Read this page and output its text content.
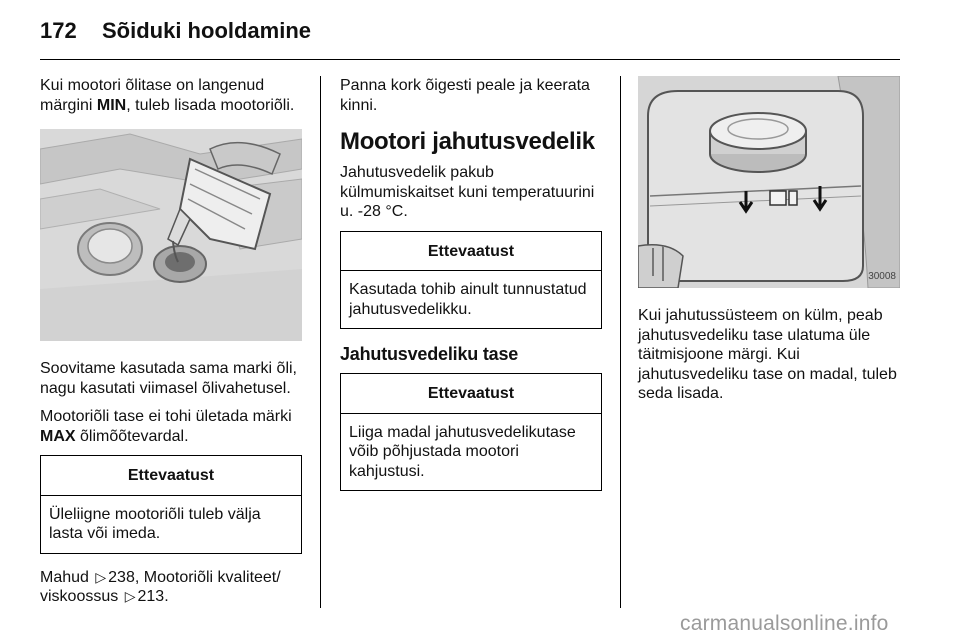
172	Sõiduki hooldamine

Kui mootori õlitase on langenud märgini MIN, tuleb lisada mootoriõli.

Soovitame kasutada sama marki õli, nagu kasutati viimasel õlivahetusel.

Mootoriõli tase ei tohi ületada märki MAX õlimõõtevardal.

Ettevaatust
Üleliigne mootoriõli tuleb välja lasta või imeda.

Mahud ▷ 238, Mootoriõli kvaliteet/ viskoossus ▷ 213.

Panna kork õigesti peale ja keerata kinni.

Mootori jahutusvedelik

Jahutusvedelik pakub külmumiskaitset kuni temperatuurini u. -28 °C.

Ettevaatust
Kasutada tohib ainult tunnustatud jahutusvedelikku.
Jahutusvedeliku tase
Ettevaatust
Liiga madal jahutusvedelikutase võib põhjustada mootori kahjustusi.
30008

Kui jahutussüsteem on külm, peab jahutusvedeliku tase ulatuma üle täitmisjoone märgi. Kui jahutusvedeliku tase on madal, tuleb seda lisada.

carmanualsonline.info
